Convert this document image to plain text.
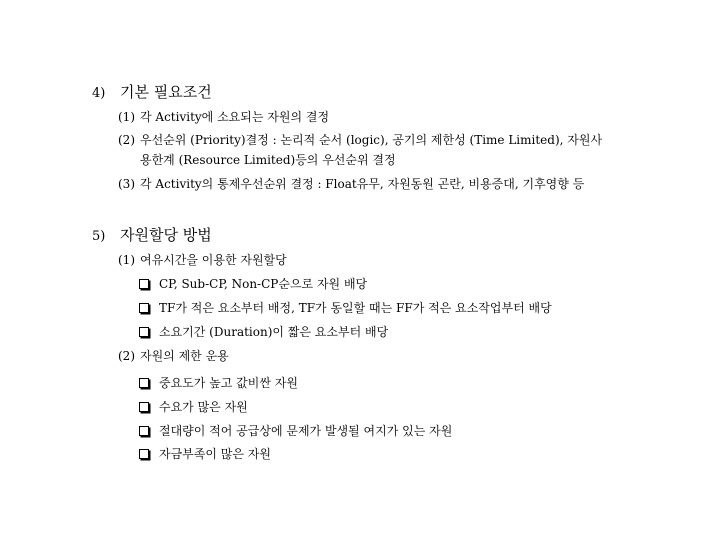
4) 기본 필요조건
(1) 각 Activity에 소요되는 자원의 결정
(2) 우선순위 (Priority)결정 : 논리적 순서 (logic), 공기의 제한성 (Time Limited), 자원사
용한계 (Resource Limited)등의 우선순위 결정
(3) 각 Activity의 통제우선순위 결정 : Float유무, 자원동원 곤란, 비용증대, 기후영향 등
5) 자원할당 방법
(1) 여유시간을 이용한 자원할당
CP, Sub‐CP, Non‐CP순으로 자원 배당
TF가 적은 요소부터 배정, TF가 동일할 때는 FF가 적은 요소작업부터 배당
소요기간 (Duration)이 짧은 요소부터 배당
(2) 자원의 제한 운용
중요도가 높고 값비싼 자원
수요가 많은 자원
절대량이 적어 공급상에 문제가 발생될 여지가 있는 자원
자금부족이 많은 자원
